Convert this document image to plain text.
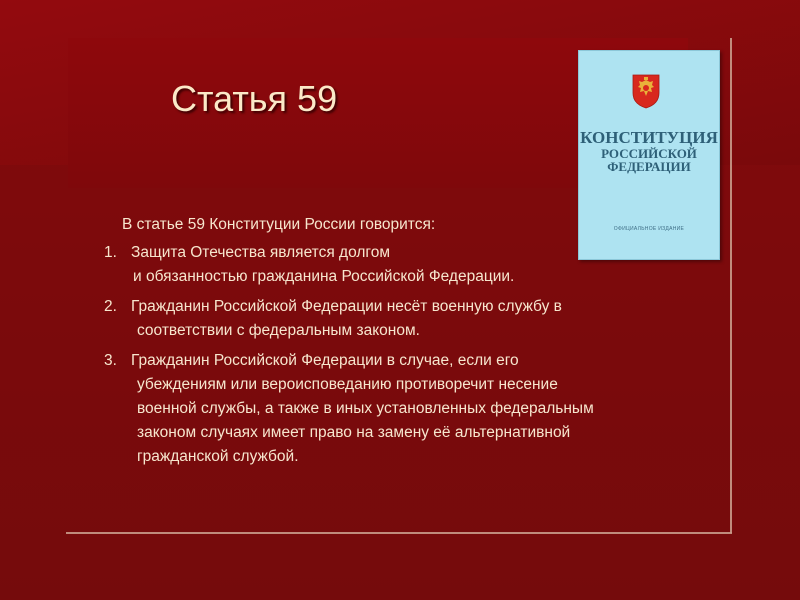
Статья 59
КОНСТИТУЦИЯ
РОССИЙСКОЙ
ФЕДЕРАЦИИ
ОФИЦИАЛЬНОЕ ИЗДАНИЕ
В статье 59 Конституции России говорится:
1. Защита Отечества является долгом
и обязанностью гражданина Российской Федерации.
2. Гражданин Российской Федерации несёт военную службу в
соответствии с федеральным законом.
3. Гражданин Российской Федерации в случае, если его
убеждениям или вероисповеданию противоречит несение
военной службы, а также в иных установленных федеральным
законом случаях имеет право на замену её альтернативной
гражданской службой.
